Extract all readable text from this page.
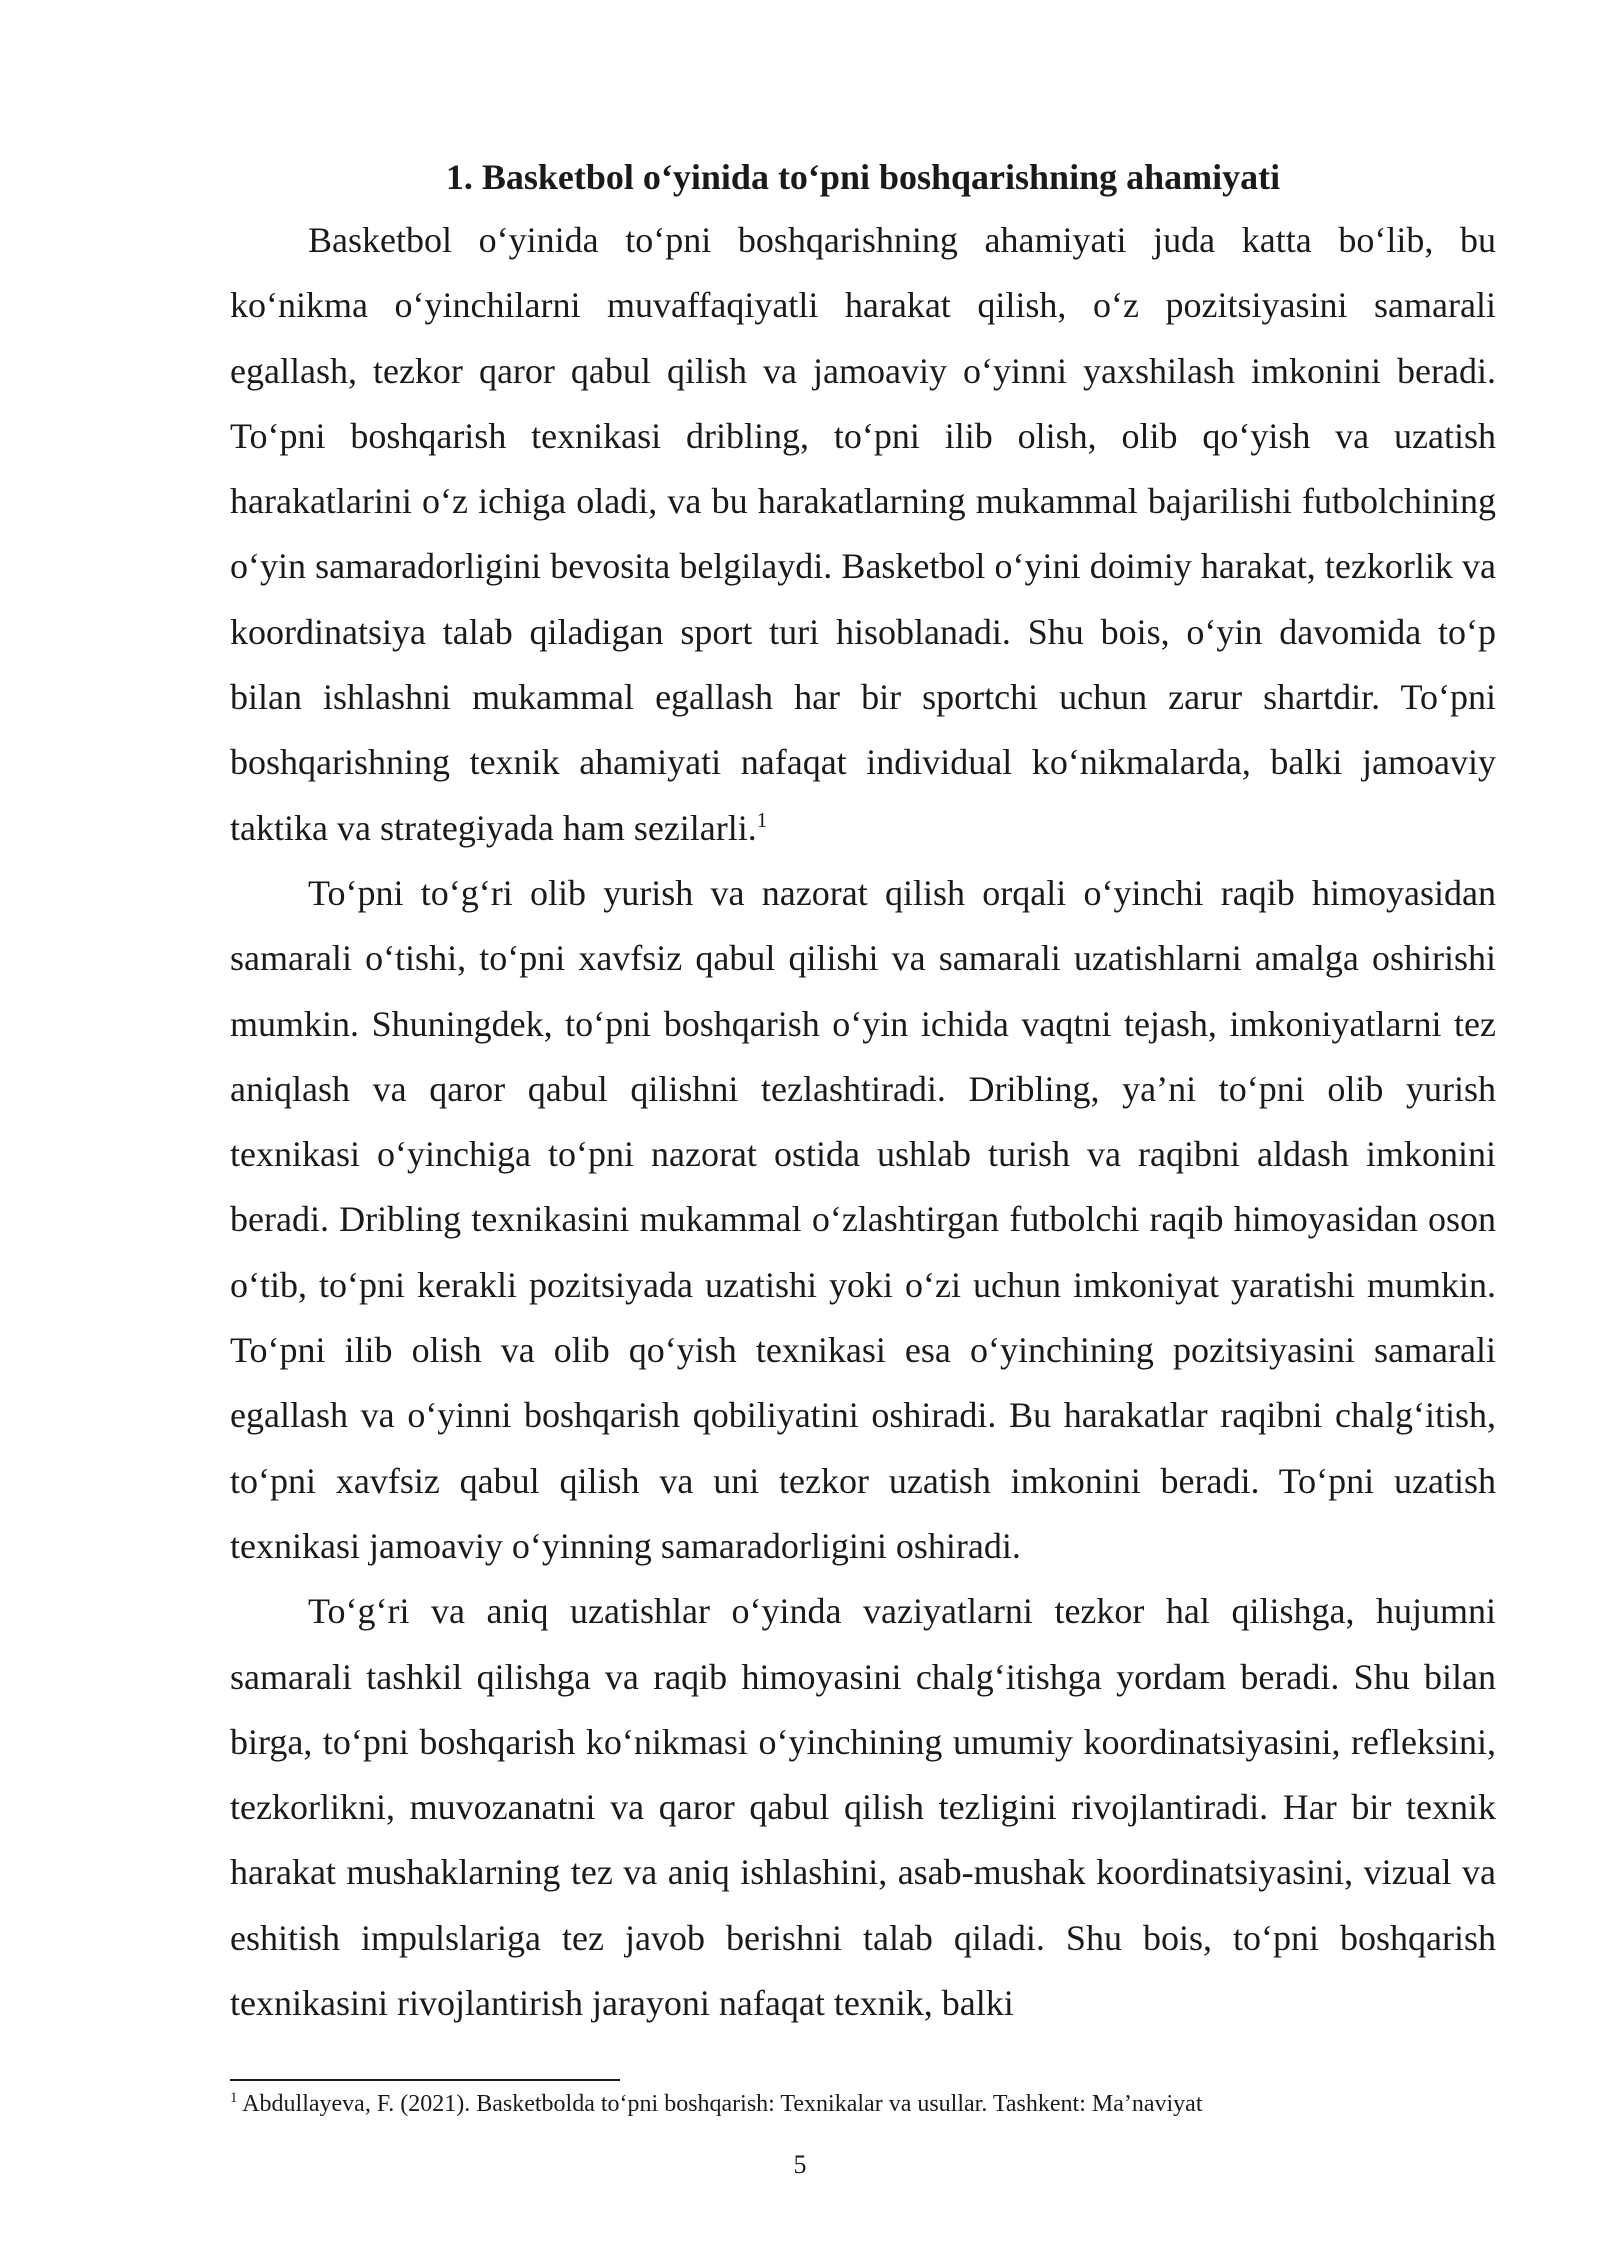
1. Basketbol o‘yinida to‘pni boshqarishning ahamiyati

Basketbol o‘yinida to‘pni boshqarishning ahamiyati juda katta bo‘lib, bu ko‘nikma o‘yinchilarni muvaffaqiyatli harakat qilish, o‘z pozitsiyasini samarali egallash, tezkor qaror qabul qilish va jamoaviy o‘yinni yaxshilash imkonini beradi. To‘pni boshqarish texnikasi dribling, to‘pni ilib olish, olib qo‘yish va uzatish harakatlarini o‘z ichiga oladi, va bu harakatlarning mukammal bajarilishi futbolchining o‘yin samaradorligini bevosita belgilaydi. Basketbol o‘yini doimiy harakat, tezkorlik va koordinatsiya talab qiladigan sport turi hisoblanadi. Shu bois, o‘yin davomida to‘p bilan ishlashni mukammal egallash har bir sportchi uchun zarur shartdir. To‘pni boshqarishning texnik ahamiyati nafaqat individual ko‘nikmalarda, balki jamoaviy taktika va strategiyada ham sezilarli.$^1$

To‘pni to‘g‘ri olib yurish va nazorat qilish orqali o‘yinchi raqib himoyasidan samarali o‘tishi, to‘pni xavfsiz qabul qilishi va samarali uzatishlarni amalga oshirishi mumkin. Shuningdek, to‘pni boshqarish o‘yin ichida vaqtni tejash, imkoniyatlarni tez aniqlash va qaror qabul qilishni tezlashtiradi. Dribling, ya’ni to‘pni olib yurish texnikasi o‘yinchiga to‘pni nazorat ostida ushlab turish va raqibni aldash imkonini beradi. Dribling texnikasini mukammal o‘zlashtirgan futbolchi raqib himoyasidan oson o‘tib, to‘pni kerakli pozitsiyada uzatishi yoki o‘zi uchun imkoniyat yaratishi mumkin. To‘pni ilib olish va olib qo‘yish texnikasi esa o‘yinchining pozitsiyasini samarali egallash va o‘yinni boshqarish qobiliyatini oshiradi. Bu harakatlar raqibni chalg‘itish, to‘pni xavfsiz qabul qilish va uni tezkor uzatish imkonini beradi. To‘pni uzatish texnikasi jamoaviy o‘yinning samaradorligini oshiradi.

To‘g‘ri va aniq uzatishlar o‘yinda vaziyatlarni tezkor hal qilishga, hujumni samarali tashkil qilishga va raqib himoyasini chalg‘itishga yordam beradi. Shu bilan birga, to‘pni boshqarish ko‘nikmasi o‘yinchining umumiy koordinatsiyasini, refleksini, tezkorlikni, muvozanatni va qaror qabul qilish tezligini rivojlantiradi. Har bir texnik harakat mushaklarning tez va aniq ishlashini, asab-mushak koordinatsiyasini, vizual va eshitish impulslariga tez javob berishni talab qiladi. Shu bois, to‘pni boshqarish texnikasini rivojlantirish jarayoni nafaqat texnik, balki

$^1$ Abdullayeva, F. (2021). Basketbolda to‘pni boshqarish: Texnikalar va usullar. Tashkent: Ma’naviyat

5
